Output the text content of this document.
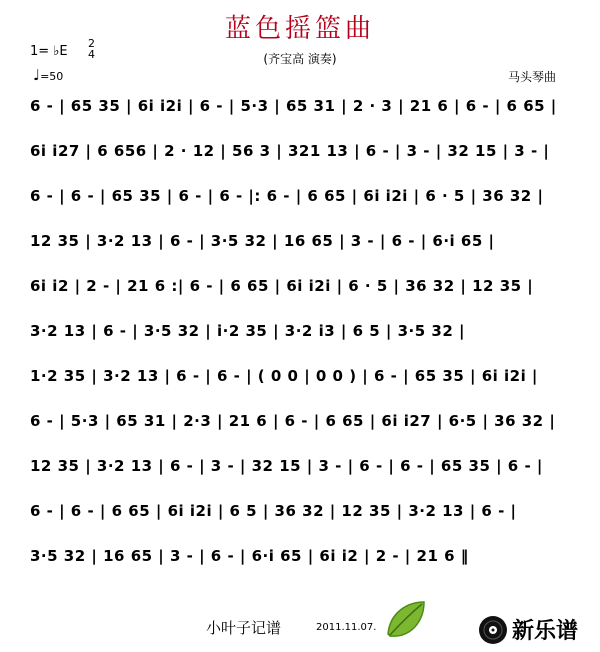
蓝色摇篮曲
(齐宝高 演奏)
1= ♭E
2
4
♩=50	马头琴曲
6 - | 65 35 | 6i i2i | 6 - | 5·3 | 65 31 | 2 · 3 | 21 6 | 6 - | 6 65 |
6i i27 | 6 656 | 2 · 12 | 56 3 | 321 13 | 6 - | 3 - | 32 15 | 3 - |
6 - | 6 - | 65 35 | 6 - | 6 - |: 6 - | 6 65 | 6i i2i | 6 · 5 | 36 32 |
12 35 | 3·2 13 | 6 - | 3·5 32 | 16 65 | 3 - | 6 - | 6·i 65 |
6i i2 | 2 - | 21 6 :| 6 - | 6 65 | 6i i2i | 6 · 5 | 36 32 | 12 35 |
3·2 13 | 6 - | 3·5 32 | i·2 35 | 3·2 i3 | 6 5 | 3·5 32 |
1·2 35 | 3·2 13 | 6 - | 6 - | ( 0 0 | 0 0 ) | 6 - | 65 35 | 6i i2i |
6 - | 5·3 | 65 31 | 2·3 | 21 6 | 6 - | 6 65 | 6i i27 | 6·5 | 36 32 |
12 35 | 3·2 13 | 6 - | 3 - | 32 15 | 3 - | 6 - | 6 - | 65 35 | 6 - |
6 - | 6 - | 6 65 | 6i i2i | 6 5 | 36 32 | 12 35 | 3·2 13 | 6 - |
3·5 32 | 16 65 | 3 - | 6 - | 6·i 65 | 6i i2 | 2 - | 21 6 ‖
小叶子记谱	2011.11.07.	新乐谱
